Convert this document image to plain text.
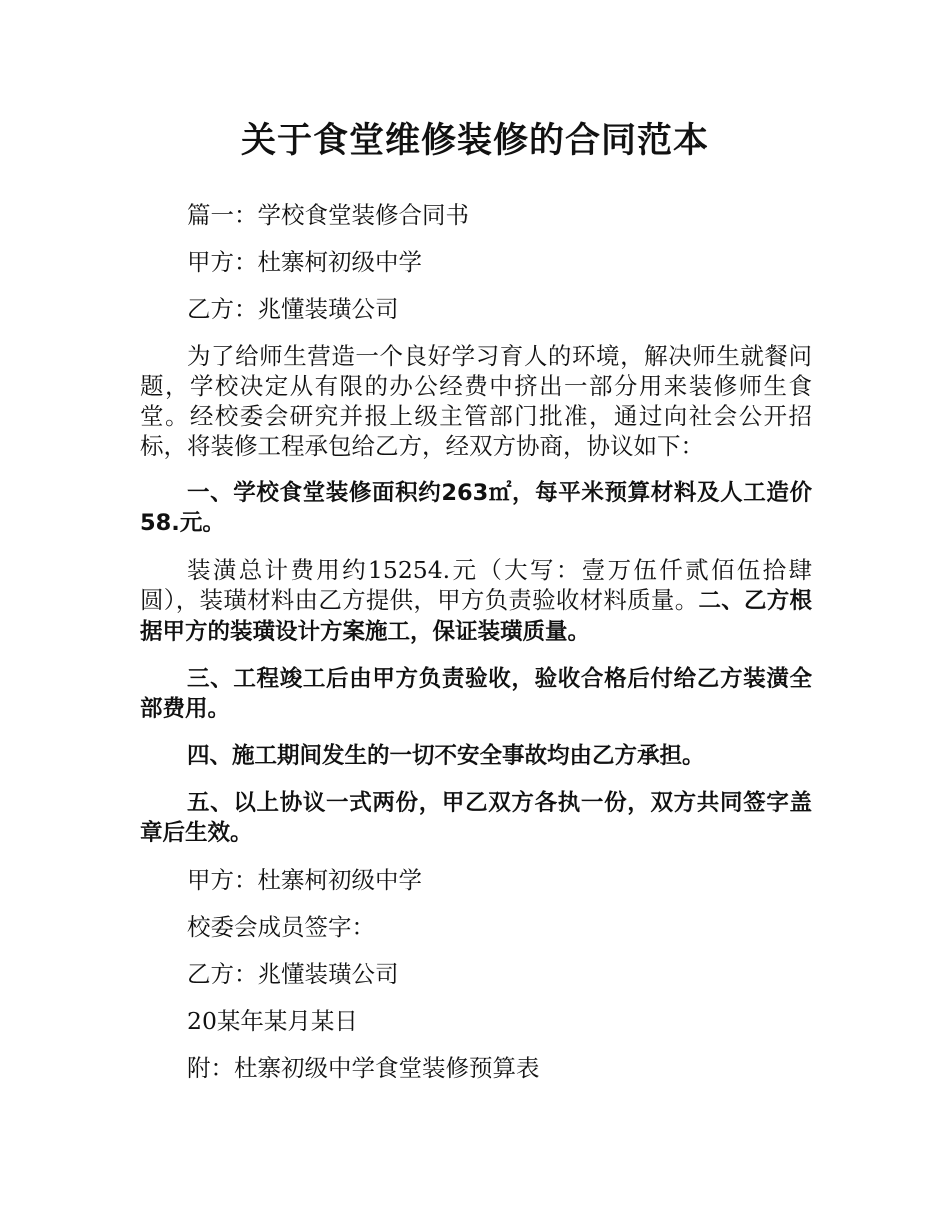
关于食堂维修装修的合同范本

篇一：学校食堂装修合同书

甲方：杜寨柯初级中学

乙方：兆懂装璜公司

为了给师生营造一个良好学习育人的环境，解决师生就餐问题，学校决定从有限的办公经费中挤出一部分用来装修师生食堂。经校委会研究并报上级主管部门批准，通过向社会公开招标，将装修工程承包给乙方，经双方协商，协议如下：

一、学校食堂装修面积约263㎡，每平米预算材料及人工造价58.元。

装潢总计费用约15254.元（大写：壹万伍仟贰佰伍拾肆圆），装璜材料由乙方提供，甲方负责验收材料质量。二、乙方根据甲方的装璜设计方案施工，保证装璜质量。

三、工程竣工后由甲方负责验收，验收合格后付给乙方装潢全部费用。

四、施工期间发生的一切不安全事故均由乙方承担。

五、以上协议一式两份，甲乙双方各执一份，双方共同签字盖章后生效。

甲方：杜寨柯初级中学

校委会成员签字：

乙方：兆懂装璜公司

20某年某月某日

附：杜寨初级中学食堂装修预算表
